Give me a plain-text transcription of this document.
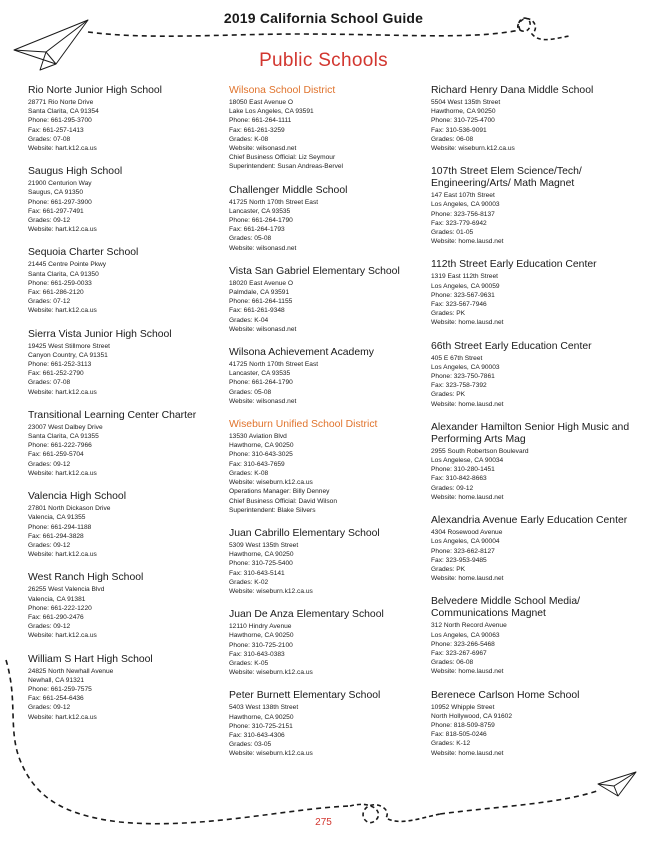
2019 California School Guide
Public Schools
Rio Norte Junior High School
28771 Rio Norte Drive
Santa Clarita, CA 91354
Phone: 661-295-3700
Fax: 661-257-1413
Grades: 07-08
Website: hart.k12.ca.us
Saugus High School
21900 Centurion Way
Saugus, CA 91350
Phone: 661-297-3900
Fax: 661-297-7491
Grades: 09-12
Website: hart.k12.ca.us
Sequoia Charter School
21445 Centre Pointe Pkwy
Santa Clarita, CA 91350
Phone: 661-259-0033
Fax: 661-286-2120
Grades: 07-12
Website: hart.k12.ca.us
Sierra Vista Junior High School
19425 West Stillmore Street
Canyon Country, CA 91351
Phone: 661-252-3113
Fax: 661-252-2790
Grades: 07-08
Website: hart.k12.ca.us
Transitional Learning Center Charter
23007 West Dalbey Drive
Santa Clarita, CA 91355
Phone: 661-222-7966
Fax: 661-259-5704
Grades: 09-12
Website: hart.k12.ca.us
Valencia High School
27801 North Dickason Drive
Valencia, CA 91355
Phone: 661-294-1188
Fax: 661-294-3828
Grades: 09-12
Website: hart.k12.ca.us
West Ranch High School
26255 West Valencia Blvd
Valencia, CA 91381
Phone: 661-222-1220
Fax: 661-290-2476
Grades: 09-12
Website: hart.k12.ca.us
William S Hart High School
24825 North Newhall Avenue
Newhall, CA 91321
Phone: 661-259-7575
Fax: 661-254-6436
Grades: 09-12
Website: hart.k12.ca.us
Wilsona School District
18050 East Avenue O
Lake Los Angeles, CA 93591
Phone: 661-264-1111
Fax: 661-261-3259
Grades: K-08
Website: wilsonasd.net
Chief Business Official: Liz Seymour
Superintendent: Susan Andreas-Bervel
Challenger Middle School
41725 North 170th Street East
Lancaster, CA 93535
Phone: 661-264-1790
Fax: 661-264-1793
Grades: 05-08
Website: wilsonasd.net
Vista San Gabriel Elementary School
18020 East Avenue O
Palmdale, CA 93591
Phone: 661-264-1155
Fax: 661-261-9348
Grades: K-04
Website: wilsonasd.net
Wilsona Achievement Academy
41725 North 170th Street East
Lancaster, CA 93535
Phone: 661-264-1790
Grades: 05-08
Website: wilsonasd.net
Wiseburn Unified School District
13530 Aviation Blvd
Hawthorne, CA 90250
Phone: 310-643-3025
Fax: 310-643-7659
Grades: K-08
Website: wiseburn.k12.ca.us
Operations Manager: Billy Denney
Chief Business Official: David Wilson
Superintendent: Blake Silvers
Juan Cabrillo Elementary School
5309 West 135th Street
Hawthorne, CA 90250
Phone: 310-725-5400
Fax: 310-643-5141
Grades: K-02
Website: wiseburn.k12.ca.us
Juan De Anza Elementary School
12110 Hindry Avenue
Hawthorne, CA 90250
Phone: 310-725-2100
Fax: 310-643-0383
Grades: K-05
Website: wiseburn.k12.ca.us
Peter Burnett Elementary School
5403 West 138th Street
Hawthorne, CA 90250
Phone: 310-725-2151
Fax: 310-643-4306
Grades: 03-05
Website: wiseburn.k12.ca.us
Richard Henry Dana Middle School
5504 West 135th Street
Hawthorne, CA 90250
Phone: 310-725-4700
Fax: 310-536-9091
Grades: 06-08
Website: wiseburn.k12.ca.us
107th Street Elem Science/Tech/ Engineering/Arts/ Math Magnet
147 East 107th Street
Los Angeles, CA 90003
Phone: 323-756-8137
Fax: 323-779-6942
Grades: 01-05
Website: home.lausd.net
112th Street Early Education Center
1319 East 112th Street
Los Angeles, CA 90059
Phone: 323-567-9631
Fax: 323-567-7946
Grades: PK
Website: home.lausd.net
66th Street Early Education Center
405 E 67th Street
Los Angeles, CA 90003
Phone: 323-750-7861
Fax: 323-758-7392
Grades: PK
Website: home.lausd.net
Alexander Hamilton Senior High Music and Performing Arts Mag
2955 South Robertson Boulevard
Los Angelese, CA 90034
Phone: 310-280-1451
Fax: 310-842-8663
Grades: 09-12
Website: home.lausd.net
Alexandria Avenue Early Education Center
4304 Rosewood Avenue
Los Angeles, CA 90004
Phone: 323-662-8127
Fax: 323-953-9485
Grades: PK
Website: home.lausd.net
Belvedere Middle School Media/ Communications Magnet
312 North Record Avenue
Los Angeles, CA 90063
Phone: 323-266-5468
Fax: 323-267-6967
Grades: 06-08
Website: home.lausd.net
Berenece Carlson Home School
10952 Whipple Street
North Hollywood, CA 91602
Phone: 818-509-8759
Fax: 818-505-0246
Grades: K-12
Website: home.lausd.net
275
